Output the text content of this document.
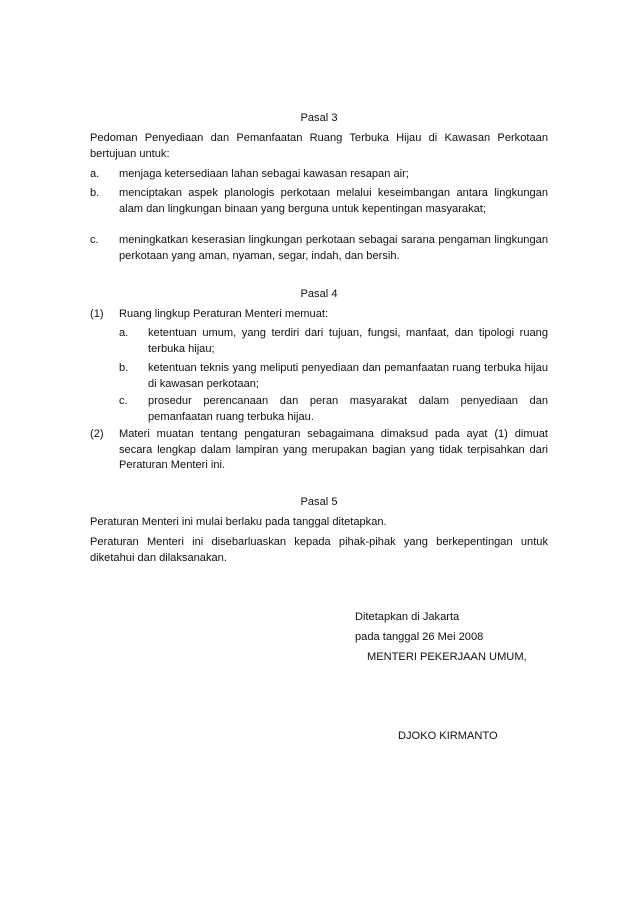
Pasal 3
Pedoman Penyediaan dan Pemanfaatan Ruang Terbuka Hijau di Kawasan Perkotaan bertujuan untuk:
a. menjaga ketersediaan lahan sebagai kawasan resapan air;
b. menciptakan aspek planologis perkotaan melalui keseimbangan antara lingkungan alam dan lingkungan binaan yang berguna untuk kepentingan masyarakat;
c. meningkatkan keserasian lingkungan perkotaan sebagai sarana pengaman lingkungan perkotaan yang aman, nyaman, segar, indah, dan bersih.
Pasal 4
(1) Ruang lingkup Peraturan Menteri memuat:
a. ketentuan umum, yang terdiri dari tujuan, fungsi, manfaat, dan tipologi ruang terbuka hijau;
b. ketentuan teknis yang meliputi penyediaan dan pemanfaatan ruang terbuka hijau di kawasan perkotaan;
c. prosedur perencanaan dan peran masyarakat dalam penyediaan dan pemanfaatan ruang terbuka hijau.
(2) Materi muatan tentang pengaturan sebagaimana dimaksud pada ayat (1) dimuat secara lengkap dalam lampiran yang merupakan bagian yang tidak terpisahkan dari Peraturan Menteri ini.
Pasal 5
Peraturan Menteri ini mulai berlaku pada tanggal ditetapkan.
Peraturan Menteri ini disebarluaskan kepada pihak-pihak yang berkepentingan untuk diketahui dan dilaksanakan.
Ditetapkan di Jakarta
pada tanggal 26 Mei 2008
MENTERI PEKERJAAN UMUM,
DJOKO KIRMANTO
